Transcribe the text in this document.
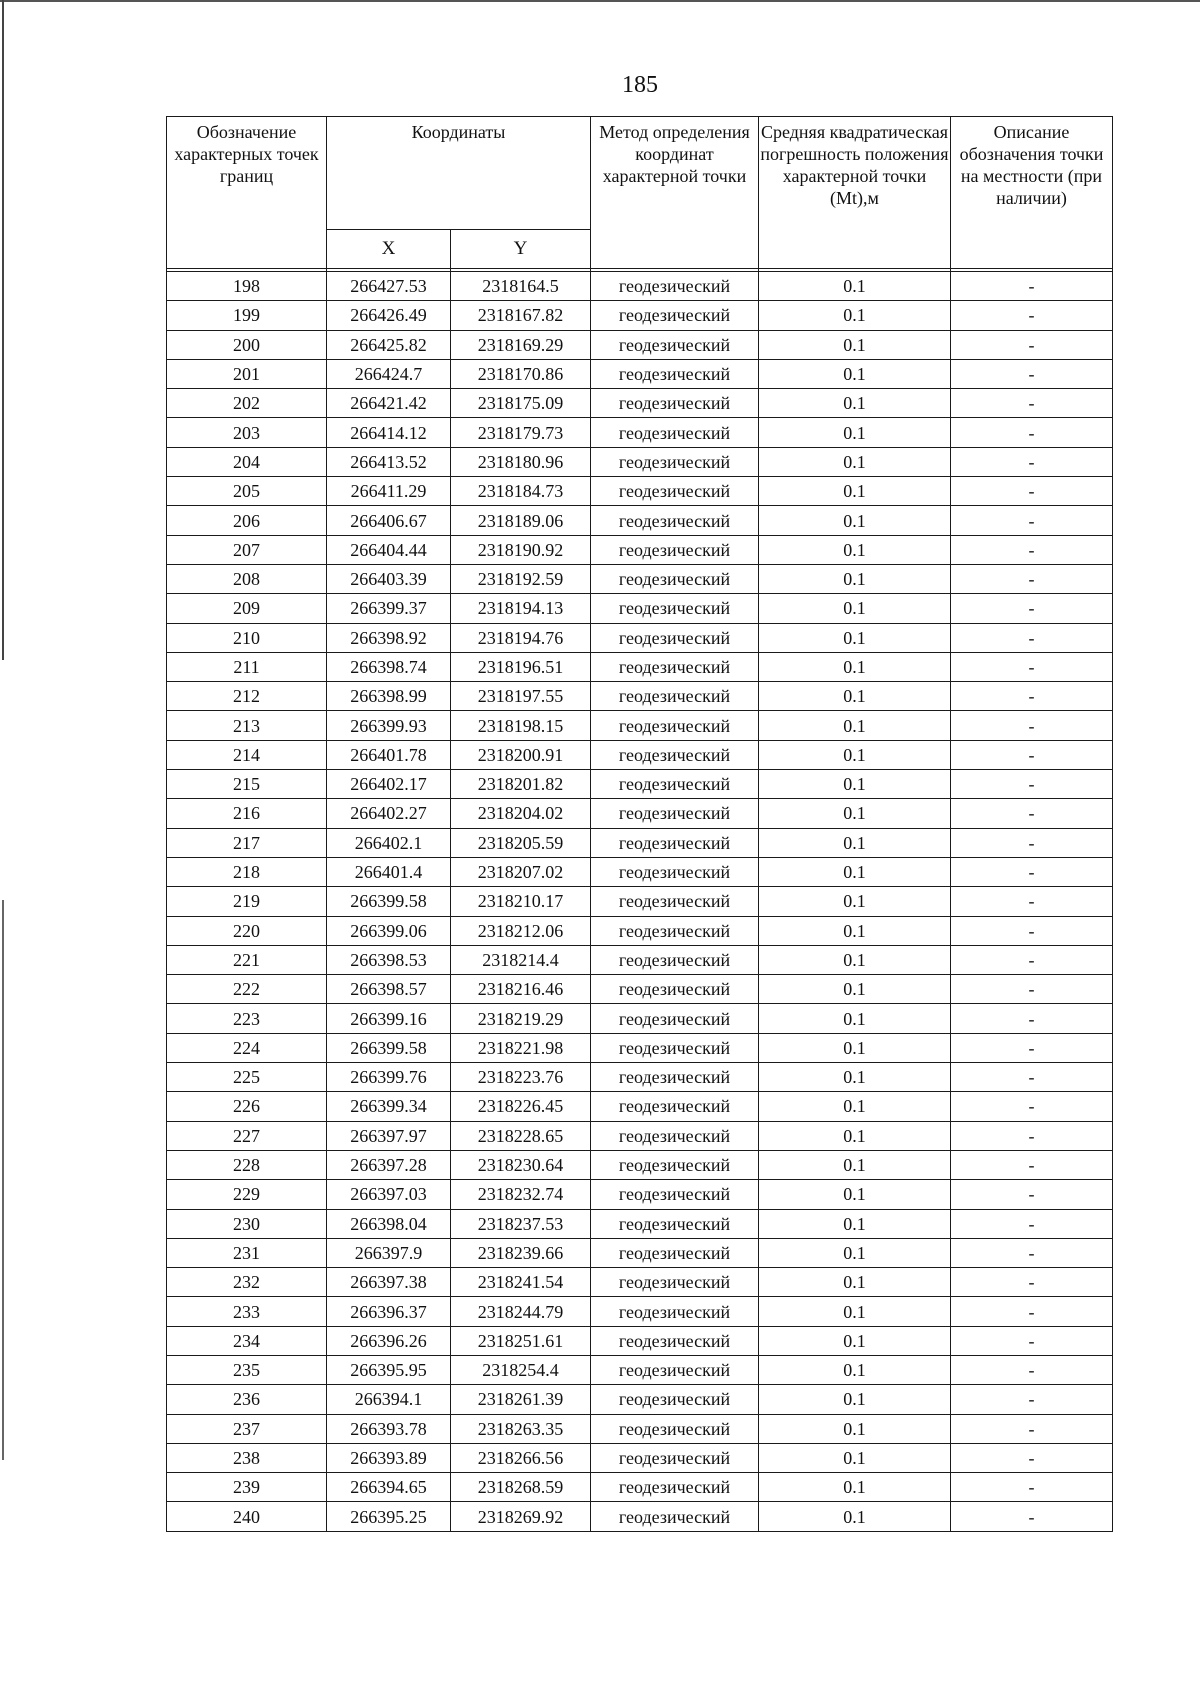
185
Обозначение характерных точек границ	Координаты		Метод определения координат характерной точки	Средняя квадратическая погрешность положения характерной точки (Mt),м	Описание обозначения точки на местности (при наличии)
	X	Y			

198	266427.53	2318164.5	геодезический	0.1	-
199	266426.49	2318167.82	геодезический	0.1	-
200	266425.82	2318169.29	геодезический	0.1	-
201	266424.7	2318170.86	геодезический	0.1	-
202	266421.42	2318175.09	геодезический	0.1	-
203	266414.12	2318179.73	геодезический	0.1	-
204	266413.52	2318180.96	геодезический	0.1	-
205	266411.29	2318184.73	геодезический	0.1	-
206	266406.67	2318189.06	геодезический	0.1	-
207	266404.44	2318190.92	геодезический	0.1	-
208	266403.39	2318192.59	геодезический	0.1	-
209	266399.37	2318194.13	геодезический	0.1	-
210	266398.92	2318194.76	геодезический	0.1	-
211	266398.74	2318196.51	геодезический	0.1	-
212	266398.99	2318197.55	геодезический	0.1	-
213	266399.93	2318198.15	геодезический	0.1	-
214	266401.78	2318200.91	геодезический	0.1	-
215	266402.17	2318201.82	геодезический	0.1	-
216	266402.27	2318204.02	геодезический	0.1	-
217	266402.1	2318205.59	геодезический	0.1	-
218	266401.4	2318207.02	геодезический	0.1	-
219	266399.58	2318210.17	геодезический	0.1	-
220	266399.06	2318212.06	геодезический	0.1	-
221	266398.53	2318214.4	геодезический	0.1	-
222	266398.57	2318216.46	геодезический	0.1	-
223	266399.16	2318219.29	геодезический	0.1	-
224	266399.58	2318221.98	геодезический	0.1	-
225	266399.76	2318223.76	геодезический	0.1	-
226	266399.34	2318226.45	геодезический	0.1	-
227	266397.97	2318228.65	геодезический	0.1	-
228	266397.28	2318230.64	геодезический	0.1	-
229	266397.03	2318232.74	геодезический	0.1	-
230	266398.04	2318237.53	геодезический	0.1	-
231	266397.9	2318239.66	геодезический	0.1	-
232	266397.38	2318241.54	геодезический	0.1	-
233	266396.37	2318244.79	геодезический	0.1	-
234	266396.26	2318251.61	геодезический	0.1	-
235	266395.95	2318254.4	геодезический	0.1	-
236	266394.1	2318261.39	геодезический	0.1	-
237	266393.78	2318263.35	геодезический	0.1	-
238	266393.89	2318266.56	геодезический	0.1	-
239	266394.65	2318268.59	геодезический	0.1	-
240	266395.25	2318269.92	геодезический	0.1	-
